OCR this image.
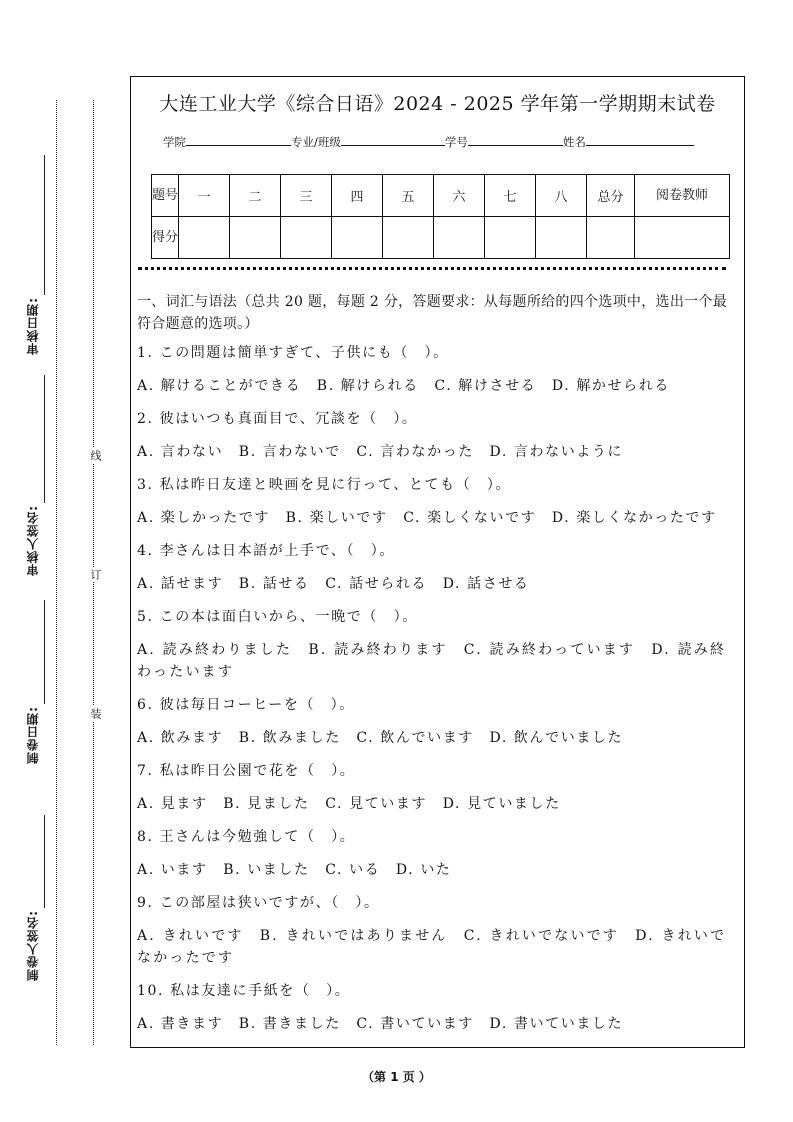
审核日期:
审核人签名:
制卷日期:
制卷人签名:
线
订
装
大连工业大学《综合日语》2024 - 2025 学年第一学期期末试卷
学院	专业/班级	学号	姓名
题号	一	二	三	四	五	六	七	八	总分	阅卷教师
得分										
一、词汇与语法（总共 20 题，每题 2 分，答题要求：从每题所给的四个选项中，选出一个最符合题意的选项。）
1. この問題は簡単すぎて、子供にも（　）。
A. 解けることができる　B. 解けられる　C. 解けさせる　D. 解かせられる
2. 彼はいつも真面目で、冗談を（　）。
A. 言わない　B. 言わないで　C. 言わなかった　D. 言わないように
3. 私は昨日友達と映画を見に行って、とても（　）。
A. 楽しかったです　B. 楽しいです　C. 楽しくないです　D. 楽しくなかったです
4. 李さんは日本語が上手で、（　）。
A. 話せます　B. 話せる　C. 話せられる　D. 話させる
5. この本は面白いから、一晩で（　）。
A. 読み終わりました　B. 読み終わります　C. 読み終わっています　D. 読み終わったいます
6. 彼は毎日コーヒーを（　）。
A. 飲みます　B. 飲みました　C. 飲んでいます　D. 飲んでいました
7. 私は昨日公園で花を（　）。
A. 見ます　B. 見ました　C. 見ています　D. 見ていました
8. 王さんは今勉強して（　）。
A. います　B. いました　C. いる　D. いた
9. この部屋は狭いですが、（　）。
A. きれいです　B. きれいではありません　C. きれいでないです　D. きれいでなかったです
10. 私は友達に手紙を（　）。
A. 書きます　B. 書きました　C. 書いています　D. 書いていました
（第 1 页 ）
